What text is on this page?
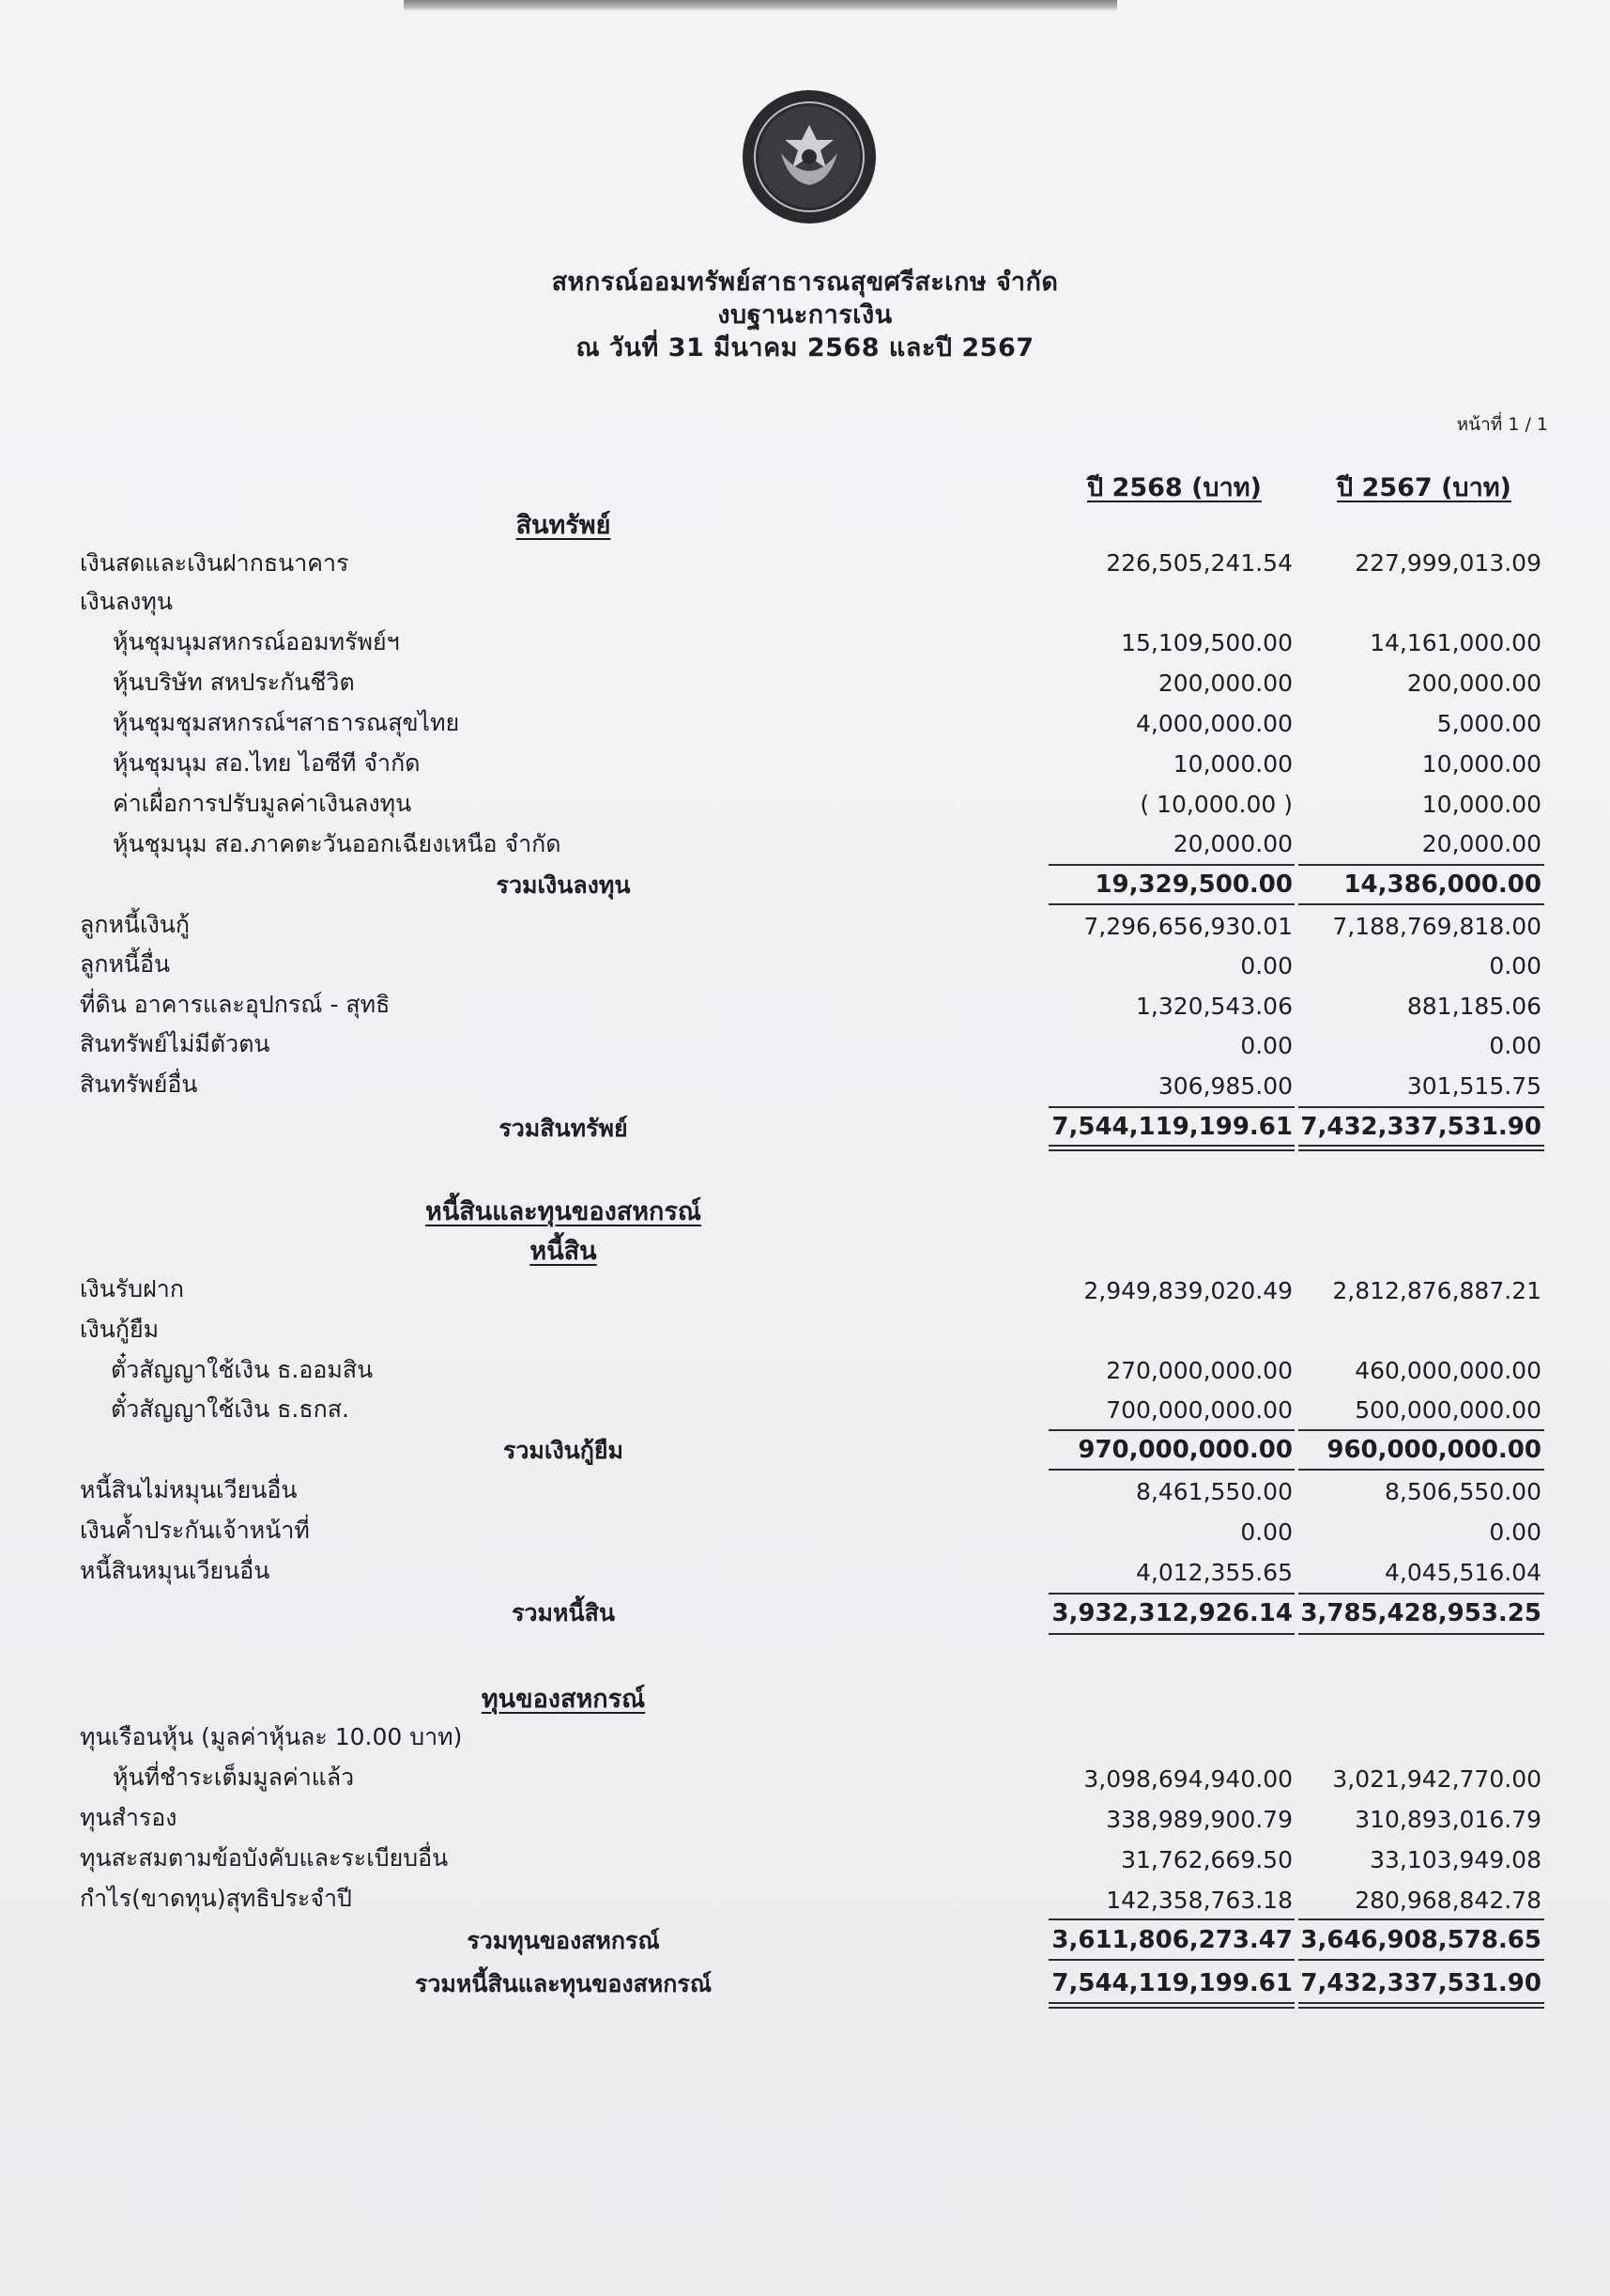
สหกรณ์ออมทรัพย์สาธารณสุขศรีสะเกษ จำกัด
งบฐานะการเงิน
ณ วันที่ 31 มีนาคม 2568 และปี 2567
หน้าที่ 1 / 1
ปี 2568 (บาท)	ปี 2567 (บาท)
สินทรัพย์
เงินสดและเงินฝากธนาคาร	226,505,241.54	227,999,013.09
เงินลงทุน
หุ้นชุมนุมสหกรณ์ออมทรัพย์ฯ	15,109,500.00	14,161,000.00
หุ้นบริษัท สหประกันชีวิต	200,000.00	200,000.00
หุ้นชุมชุมสหกรณ์ฯสาธารณสุขไทย	4,000,000.00	5,000.00
หุ้นชุมนุม สอ.ไทย ไอซีที จำกัด	10,000.00	10,000.00
ค่าเผื่อการปรับมูลค่าเงินลงทุน	( 10,000.00 )	10,000.00
หุ้นชุมนุม สอ.ภาคตะวันออกเฉียงเหนือ จำกัด	20,000.00	20,000.00
รวมเงินลงทุน	19,329,500.00 14,386,000.00
ลูกหนี้เงินกู้	7,296,656,930.01 7,188,769,818.00
ลูกหนี้อื่น	0.00	0.00
ที่ดิน อาคารและอุปกรณ์ - สุทธิ	1,320,543.06	881,185.06
สินทรัพย์ไม่มีตัวตน	0.00	0.00
สินทรัพย์อื่น	306,985.00	301,515.75
รวมสินทรัพย์	7,544,119,199.61 7,432,337,531.90
หนี้สินและทุนของสหกรณ์
หนี้สิน
เงินรับฝาก	2,949,839,020.49 2,812,876,887.21
เงินกู้ยืม
ตั๋วสัญญาใช้เงิน ธ.ออมสิน	270,000,000.00	460,000,000.00
ตั๋วสัญญาใช้เงิน ธ.ธกส.	700,000,000.00	500,000,000.00
รวมเงินกู้ยืม	970,000,000.00 960,000,000.00
หนี้สินไม่หมุนเวียนอื่น	8,461,550.00	8,506,550.00
เงินค้ำประกันเจ้าหน้าที่	0.00	0.00
หนี้สินหมุนเวียนอื่น	4,012,355.65	4,045,516.04
รวมหนี้สิน	3,932,312,926.14 3,785,428,953.25
ทุนของสหกรณ์
ทุนเรือนหุ้น (มูลค่าหุ้นละ 10.00 บาท)
หุ้นที่ชำระเต็มมูลค่าแล้ว	3,098,694,940.00 3,021,942,770.00
ทุนสำรอง	338,989,900.79	310,893,016.79
ทุนสะสมตามข้อบังคับและระเบียบอื่น	31,762,669.50	33,103,949.08
กำไร(ขาดทุน)สุทธิประจำปี	142,358,763.18	280,968,842.78
รวมทุนของสหกรณ์	3,611,806,273.47 3,646,908,578.65
รวมหนี้สินและทุนของสหกรณ์	7,544,119,199.61 7,432,337,531.90
